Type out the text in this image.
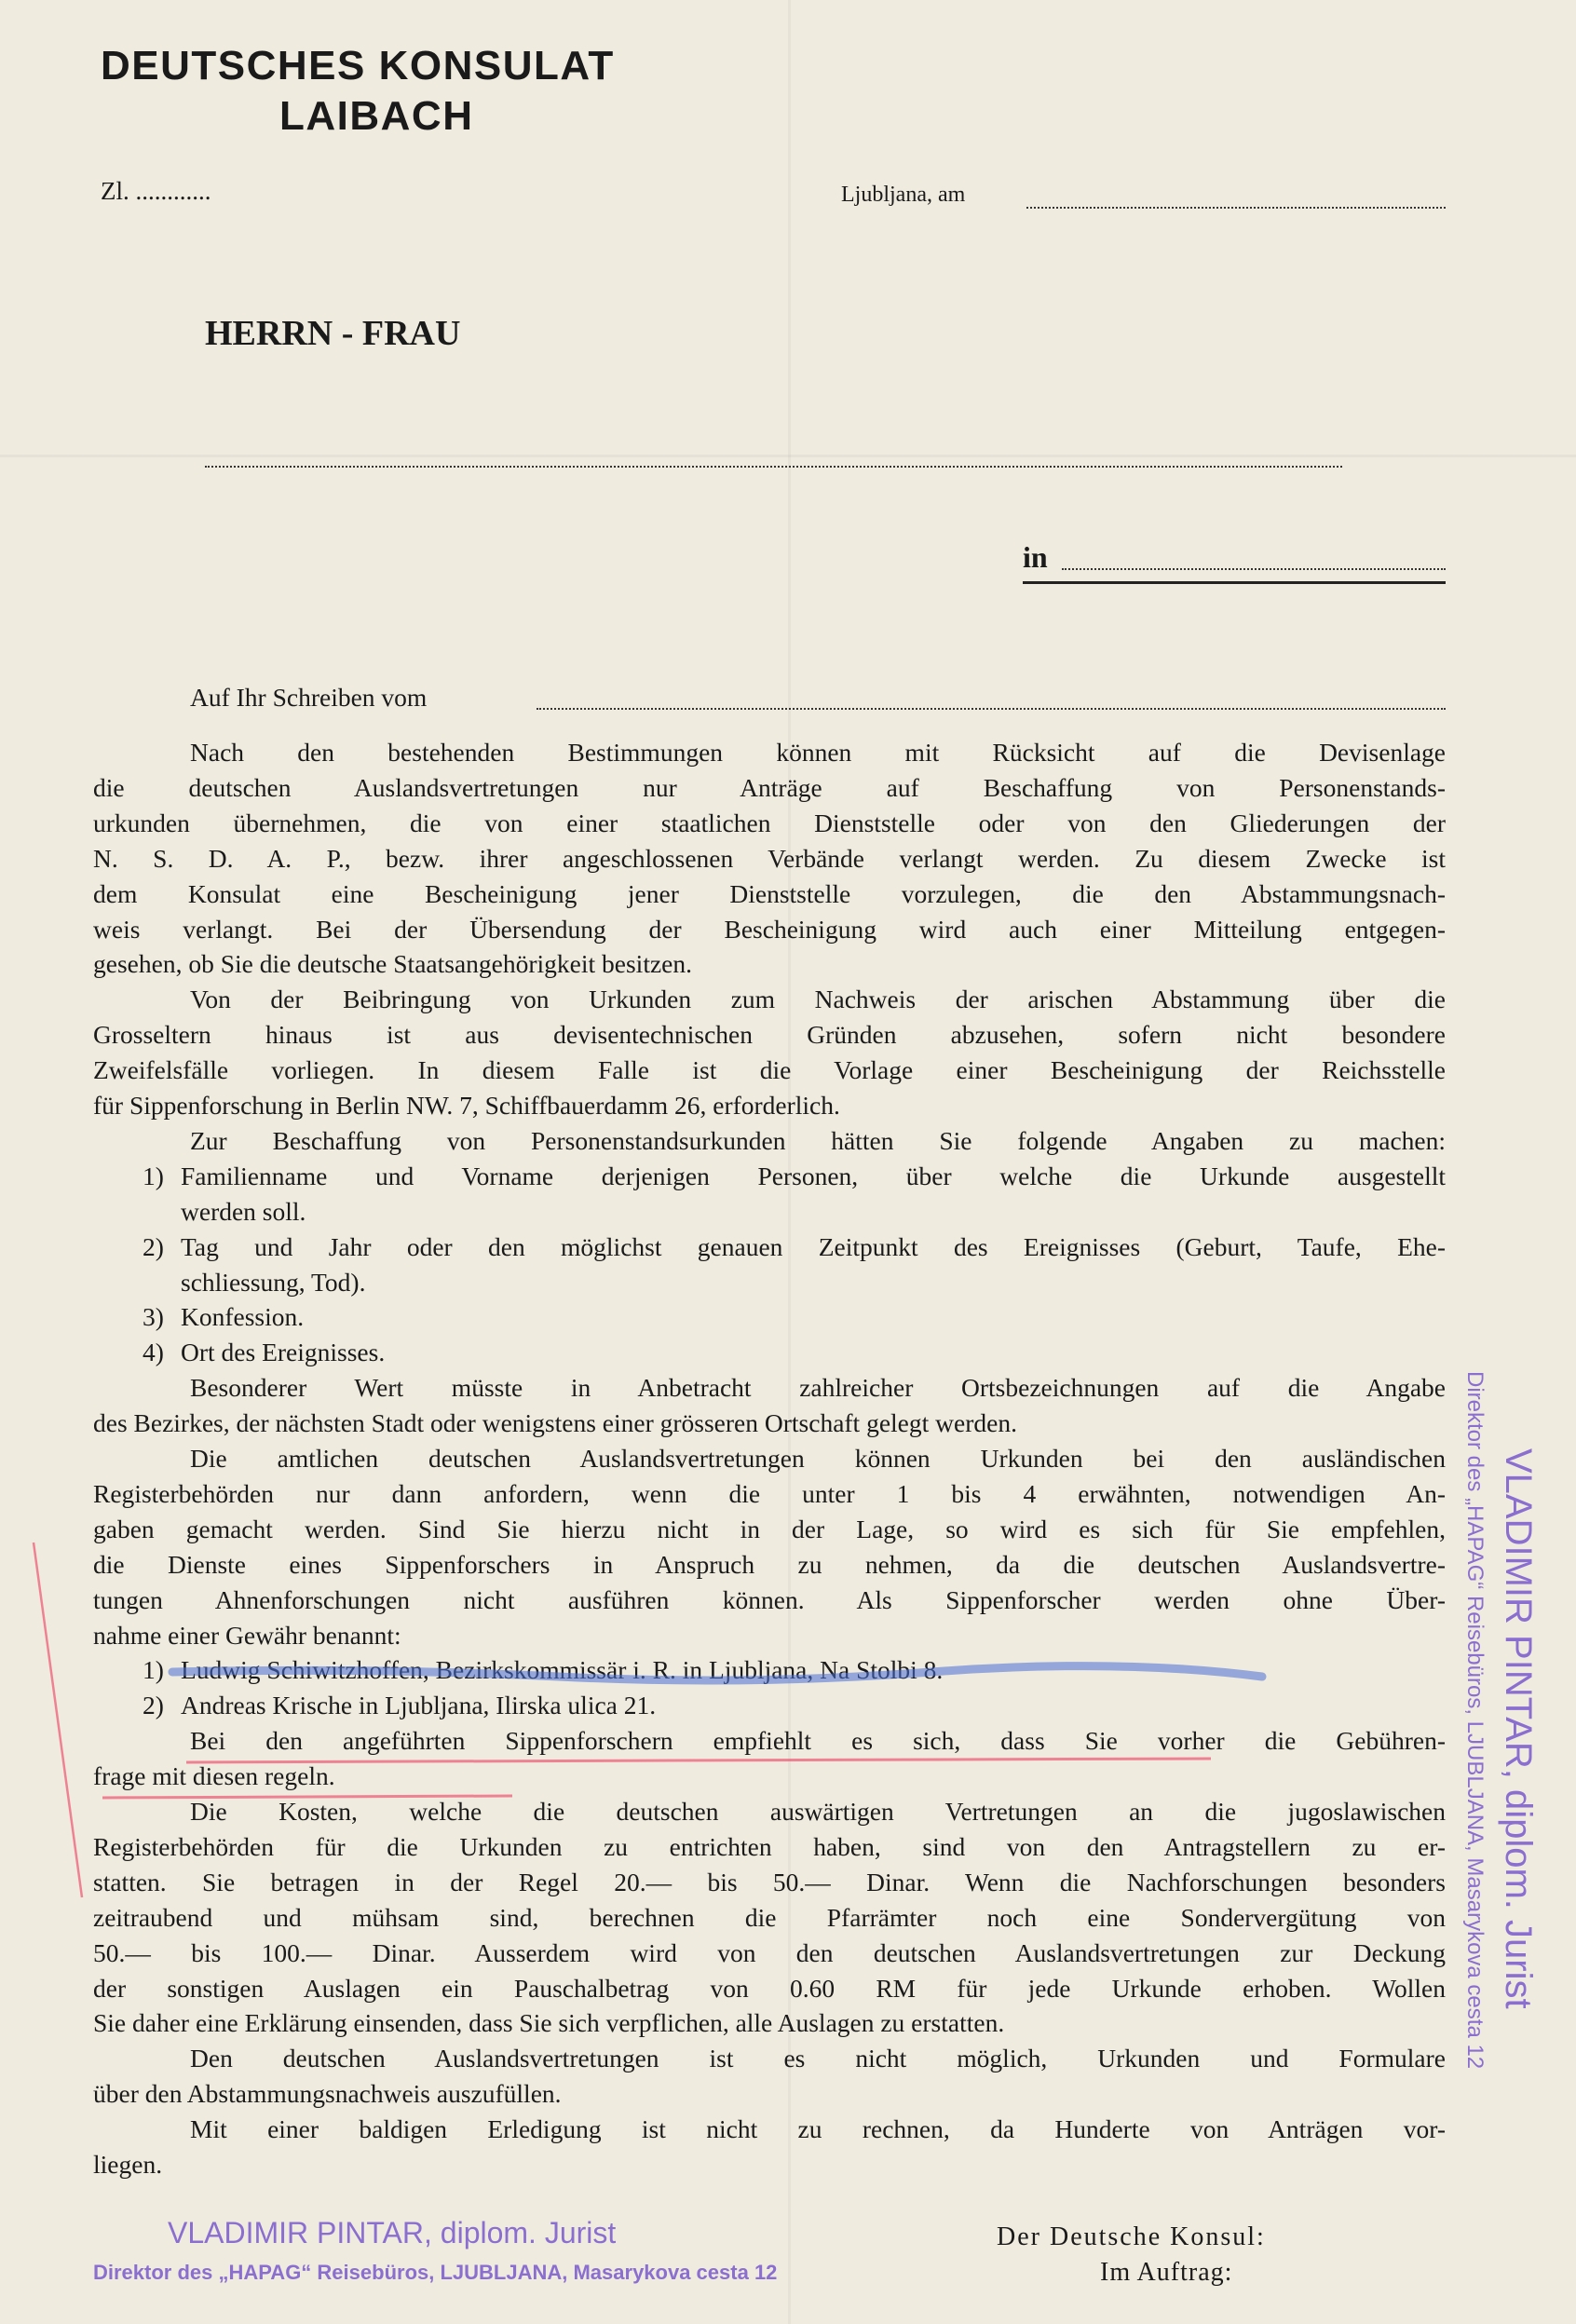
DEUTSCHES KONSULAT
LAIBACH
Zl. ............	Ljubljana, am
HERRN - FRAU
in
Auf Ihr Schreiben vom
Nach den bestehenden Bestimmungen können mit Rücksicht auf die Devisenlage
die deutschen Auslandsvertretungen nur Anträge auf Beschaffung von Personenstands-
urkunden übernehmen, die von einer staatlichen Dienststelle oder von den Gliederungen der
N. S. D. A. P., bezw. ihrer angeschlossenen Verbände verlangt werden. Zu diesem Zwecke ist
dem Konsulat eine Bescheinigung jener Dienststelle vorzulegen, die den Abstammungsnach-
weis verlangt. Bei der Übersendung der Bescheinigung wird auch einer Mitteilung entgegen-
gesehen, ob Sie die deutsche Staatsangehörigkeit besitzen.
Von der Beibringung von Urkunden zum Nachweis der arischen Abstammung über die
Grosseltern hinaus ist aus devisentechnischen Gründen abzusehen, sofern nicht besondere
Zweifelsfälle vorliegen. In diesem Falle ist die Vorlage einer Bescheinigung der Reichsstelle
für Sippenforschung in Berlin NW. 7, Schiffbauerdamm 26, erforderlich.
Zur Beschaffung von Personenstandsurkunden hätten Sie folgende Angaben zu machen:
1) Familienname und Vorname derjenigen Personen, über welche die Urkunde ausgestellt
werden soll.
2) Tag und Jahr oder den möglichst genauen Zeitpunkt des Ereignisses (Geburt, Taufe, Ehe-
schliessung, Tod).
3) Konfession.
4) Ort des Ereignisses.
Besonderer Wert müsste in Anbetracht zahlreicher Ortsbezeichnungen auf die Angabe
des Bezirkes, der nächsten Stadt oder wenigstens einer grösseren Ortschaft gelegt werden.
Die amtlichen deutschen Auslandsvertretungen können Urkunden bei den ausländischen
Registerbehörden nur dann anfordern, wenn die unter 1 bis 4 erwähnten, notwendigen An-
gaben gemacht werden. Sind Sie hierzu nicht in der Lage, so wird es sich für Sie empfehlen,
die Dienste eines Sippenforschers in Anspruch zu nehmen, da die deutschen Auslandsvertre-
tungen Ahnenforschungen nicht ausführen können. Als Sippenforscher werden ohne Über-
nahme einer Gewähr benannt:
1) Ludwig Schiwitzhoffen, Bezirkskommissär i. R. in Ljubljana, Na Stolbi 8.
2) Andreas Krische in Ljubljana, Ilirska ulica 21.
Bei den angeführten Sippenforschern empfiehlt es sich, dass Sie vorher die Gebühren-
frage mit diesen regeln.
Die Kosten, welche die deutschen auswärtigen Vertretungen an die jugoslawischen
Registerbehörden für die Urkunden zu entrichten haben, sind von den Antragstellern zu er-
statten. Sie betragen in der Regel 20.— bis 50.— Dinar. Wenn die Nachforschungen besonders
zeitraubend und mühsam sind, berechnen die Pfarrämter noch eine Sondervergütung von
50.— bis 100.— Dinar. Ausserdem wird von den deutschen Auslandsvertretungen zur Deckung
der sonstigen Auslagen ein Pauschalbetrag von 0.60 RM für jede Urkunde erhoben. Wollen
Sie daher eine Erklärung einsenden, dass Sie sich verpflichen, alle Auslagen zu erstatten.
Den deutschen Auslandsvertretungen ist es nicht möglich, Urkunden und Formulare
über den Abstammungsnachweis auszufüllen.
Mit einer baldigen Erledigung ist nicht zu rechnen, da Hunderte von Anträgen vor-
liegen.
Der Deutsche Konsul:
Im Auftrag:
VLADIMIR PINTAR, diplom. Jurist
Direktor des „HAPAG“ Reisebüros, LJUBLJANA, Masarykova cesta 12
VLADIMIR PINTAR, diplom. Jurist
Direktor des „HAPAG“ Reisebüros, LJUBLJANA, Masarykova cesta 12
